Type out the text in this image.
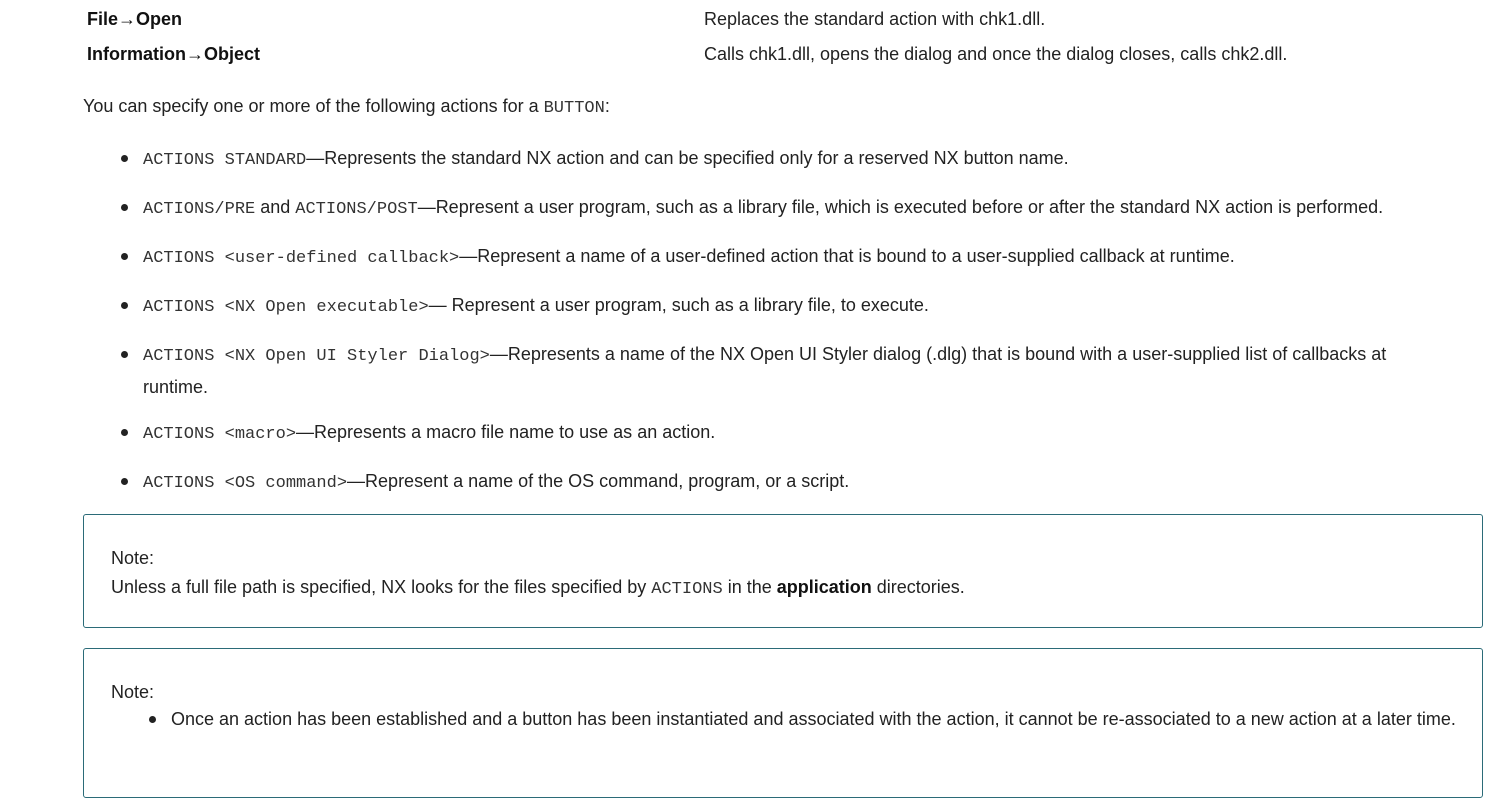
File→Open	Replaces the standard action with chk1.dll.
Information→Object	Calls chk1.dll, opens the dialog and once the dialog closes, calls chk2.dll.

You can specify one or more of the following actions for a BUTTON:

ACTIONS STANDARD—Represents the standard NX action and can be specified only for a reserved NX button name.
ACTIONS/PRE and ACTIONS/POST—Represent a user program, such as a library file, which is executed before or after the standard NX action is performed.
ACTIONS <user-defined callback>—Represent a name of a user-defined action that is bound to a user-supplied callback at runtime.
ACTIONS <NX Open executable>— Represent a user program, such as a library file, to execute.
ACTIONS <NX Open UI Styler Dialog>—Represents a name of the NX Open UI Styler dialog (.dlg) that is bound with a user-supplied list of callbacks at runtime.
ACTIONS <macro>—Represents a macro file name to use as an action.
ACTIONS <OS command>—Represent a name of the OS command, program, or a script.
Note:
Unless a full file path is specified, NX looks for the files specified by ACTIONS in the application directories.
Note:
Once an action has been established and a button has been instantiated and associated with the action, it cannot be re-associated to a new action at a later time.
